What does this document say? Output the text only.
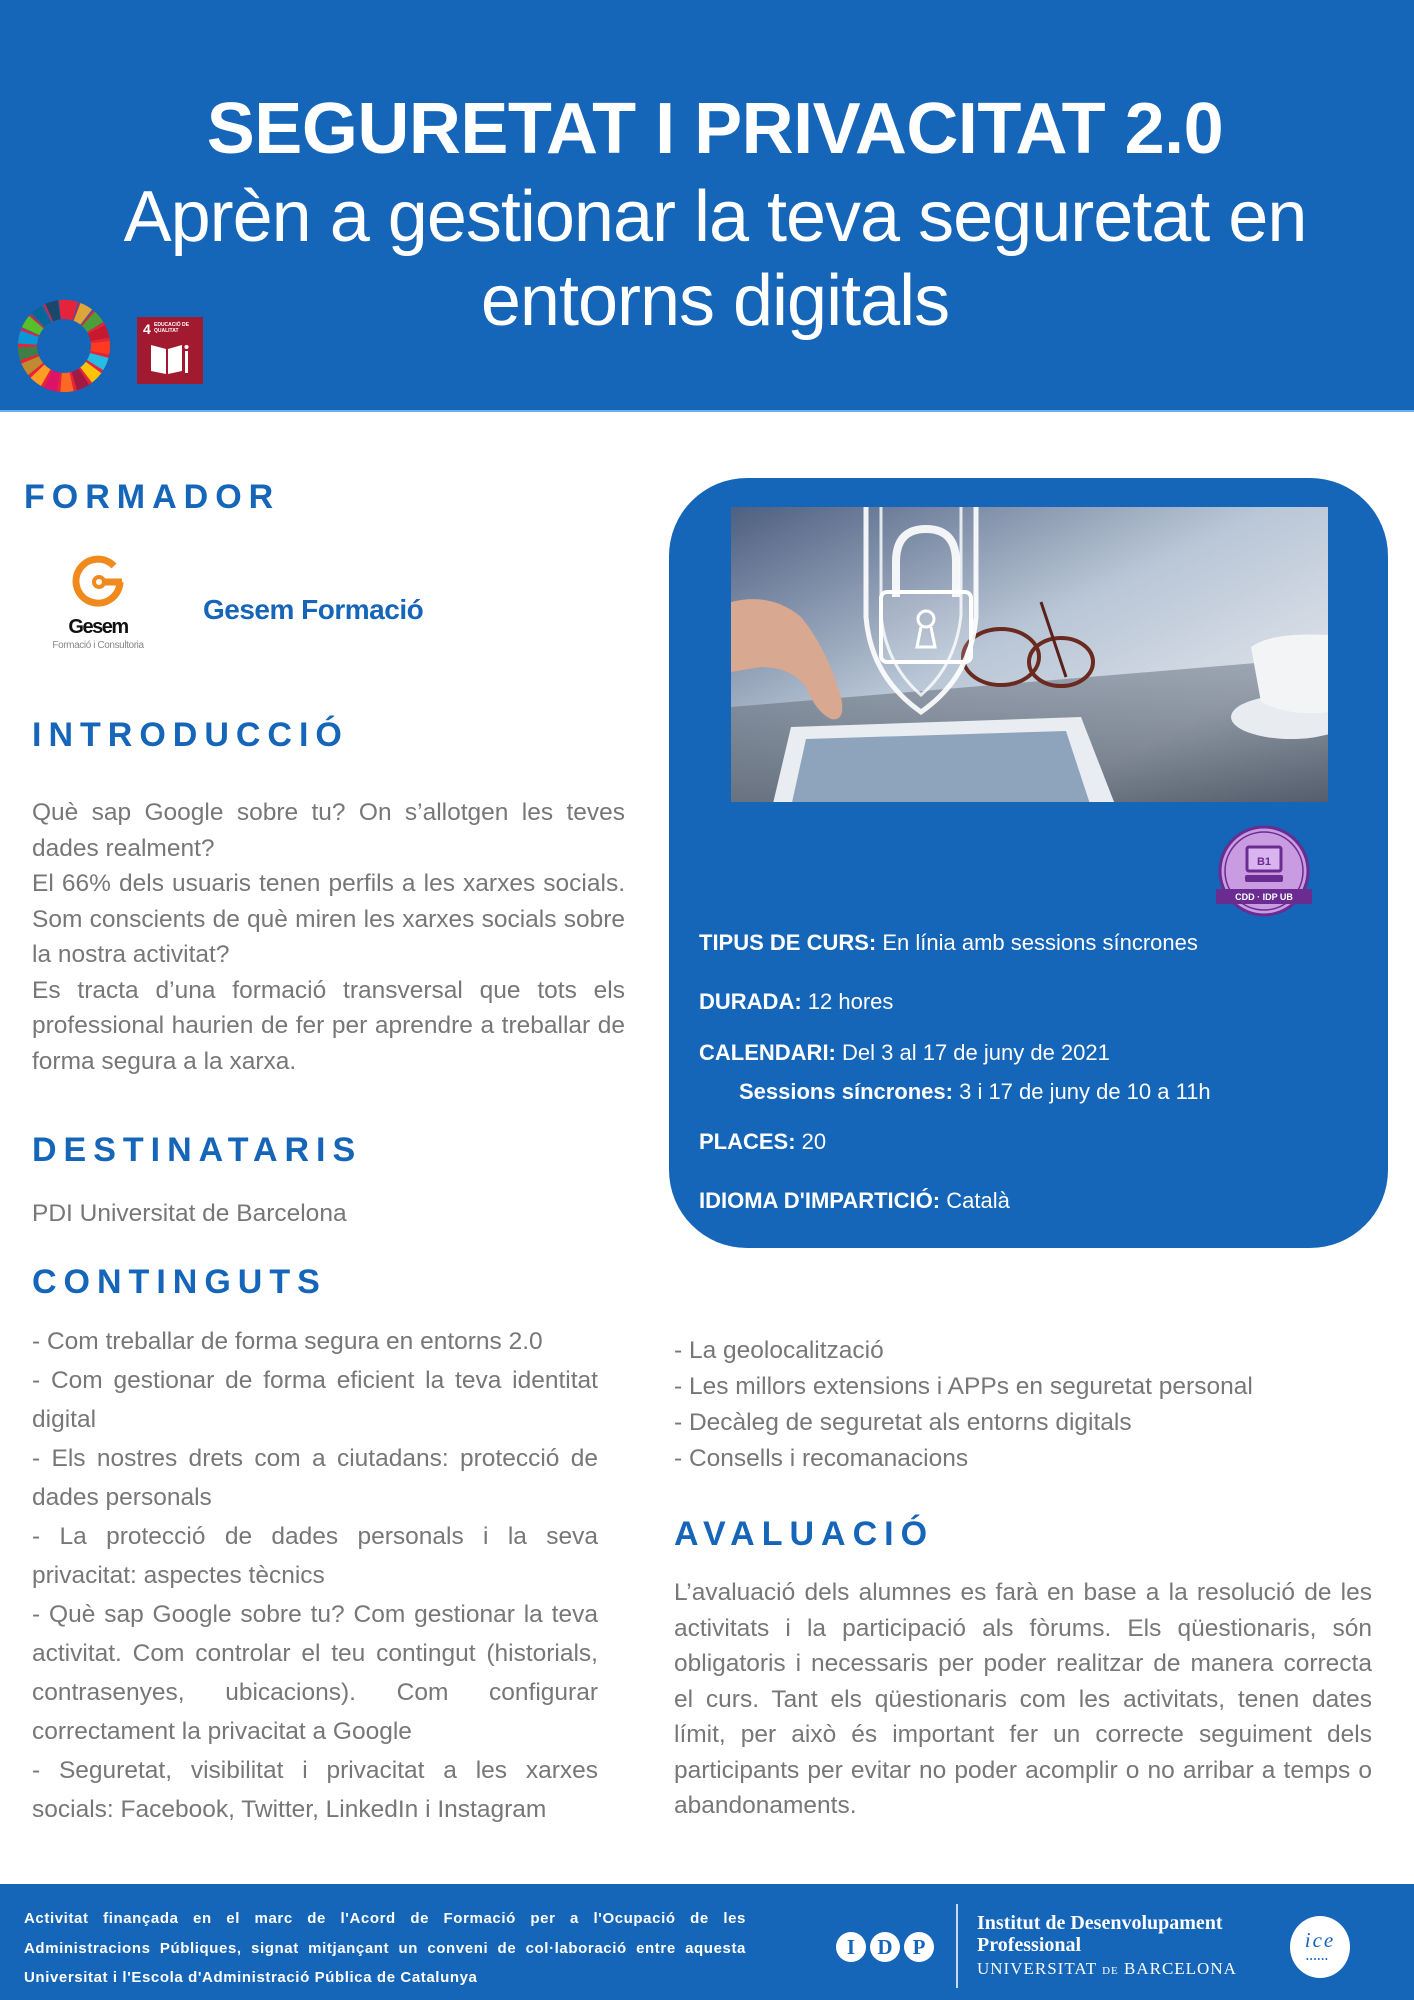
SEGURETAT I PRIVACITAT 2.0
Aprèn a gestionar la teva seguretat en entorns digitals
4 EDUCACIÓ DE QUALITAT
FORMADOR
Gesem
Formació i Consultoria
Gesem Formació
INTRODUCCIÓ

Què sap Google sobre tu? On s’allotgen les teves dades realment?

El 66% dels usuaris tenen perfils a les xarxes socials. Som conscients de què miren les xarxes socials sobre la nostra activitat?

Es tracta d’una formació transversal que tots els professional haurien de fer per aprendre a treballar de forma segura a la xarxa.

DESTINATARIS
PDI Universitat de Barcelona
CONTINGUTS
- Com treballar de forma segura en entorns 2.0
- Com gestionar de forma eficient la teva identitat digital
- Els nostres drets com a ciutadans: protecció de dades personals
- La protecció de dades personals i la seva privacitat: aspectes tècnics
- Què sap Google sobre tu? Com gestionar la teva activitat. Com controlar el teu contingut (historials, contrasenyes, ubicacions). Com configurar correctament la privacitat a Google
- Seguretat, visibilitat i privacitat a les xarxes socials: Facebook, Twitter, LinkedIn i Instagram
- La geolocalització
- Les millors extensions i APPs en seguretat personal
- Decàleg de seguretat als entorns digitals
- Consells i recomanacions
AVALUACIÓ
L’avaluació dels alumnes es farà en base a la resolució de les activitats i la participació als fòrums. Els qüestionaris, són obligatoris i necessaris per poder realitzar de manera correcta el curs. Tant els qüestionaris com les activitats, tenen dates límit, per això és important fer un correcte seguiment dels participants per evitar no poder acomplir o no arribar a temps o abandonaments.
B1
CDD · IDP UB
TIPUS DE CURS: En línia amb sessions síncrones
DURADA: 12 hores
CALENDARI: Del 3 al 17 de juny de 2021
Sessions síncrones: 3 i 17 de juny de 10 a 11h
PLACES: 20
IDIOMA D'IMPARTICIÓ: Català
Activitat finançada en el marc de l'Acord de Formació per a l'Ocupació de les Administracions Públiques, signat mitjançant un conveni de col·laboració entre aquesta Universitat i l'Escola d'Administració Pública de Catalunya
I	D P
Institut de Desenvolupament
Professional
UNIVERSITAT DE BARCELONA
ice
••••••
